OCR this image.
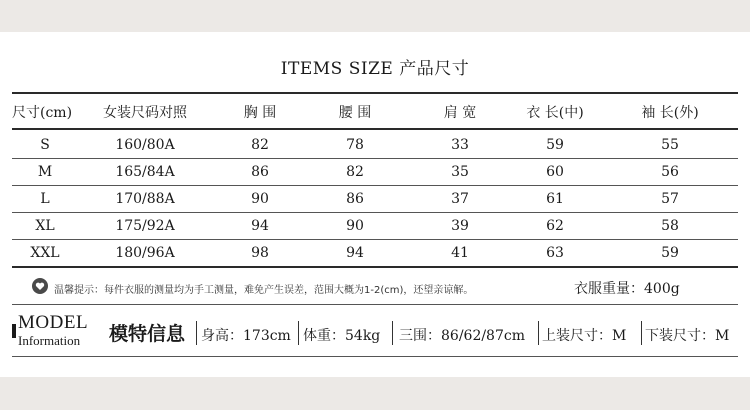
ITEMS SIZE 产品尺寸
尺寸(cm)	女装尺码对照	胸 围	腰 围	肩 宽	衣 长(中)	袖 长(外)
S	160/80A	82	78	33	59	55
M	165/84A	86	82	35	60	56
L	170/88A	90	86	37	61	57
XL	175/92A	94	90	39	62	58
XXL	180/96A	98	94	41	63	59
温馨提示：每件衣服的测量均为手工测量，难免产生误差，范围大概为1-2(cm)，还望亲谅解。	衣服重量：400g
MODEL
Information 模特信息 身高：173cm 体重：54kg 三围：86/62/87cm 上装尺寸：M 下装尺寸：M
